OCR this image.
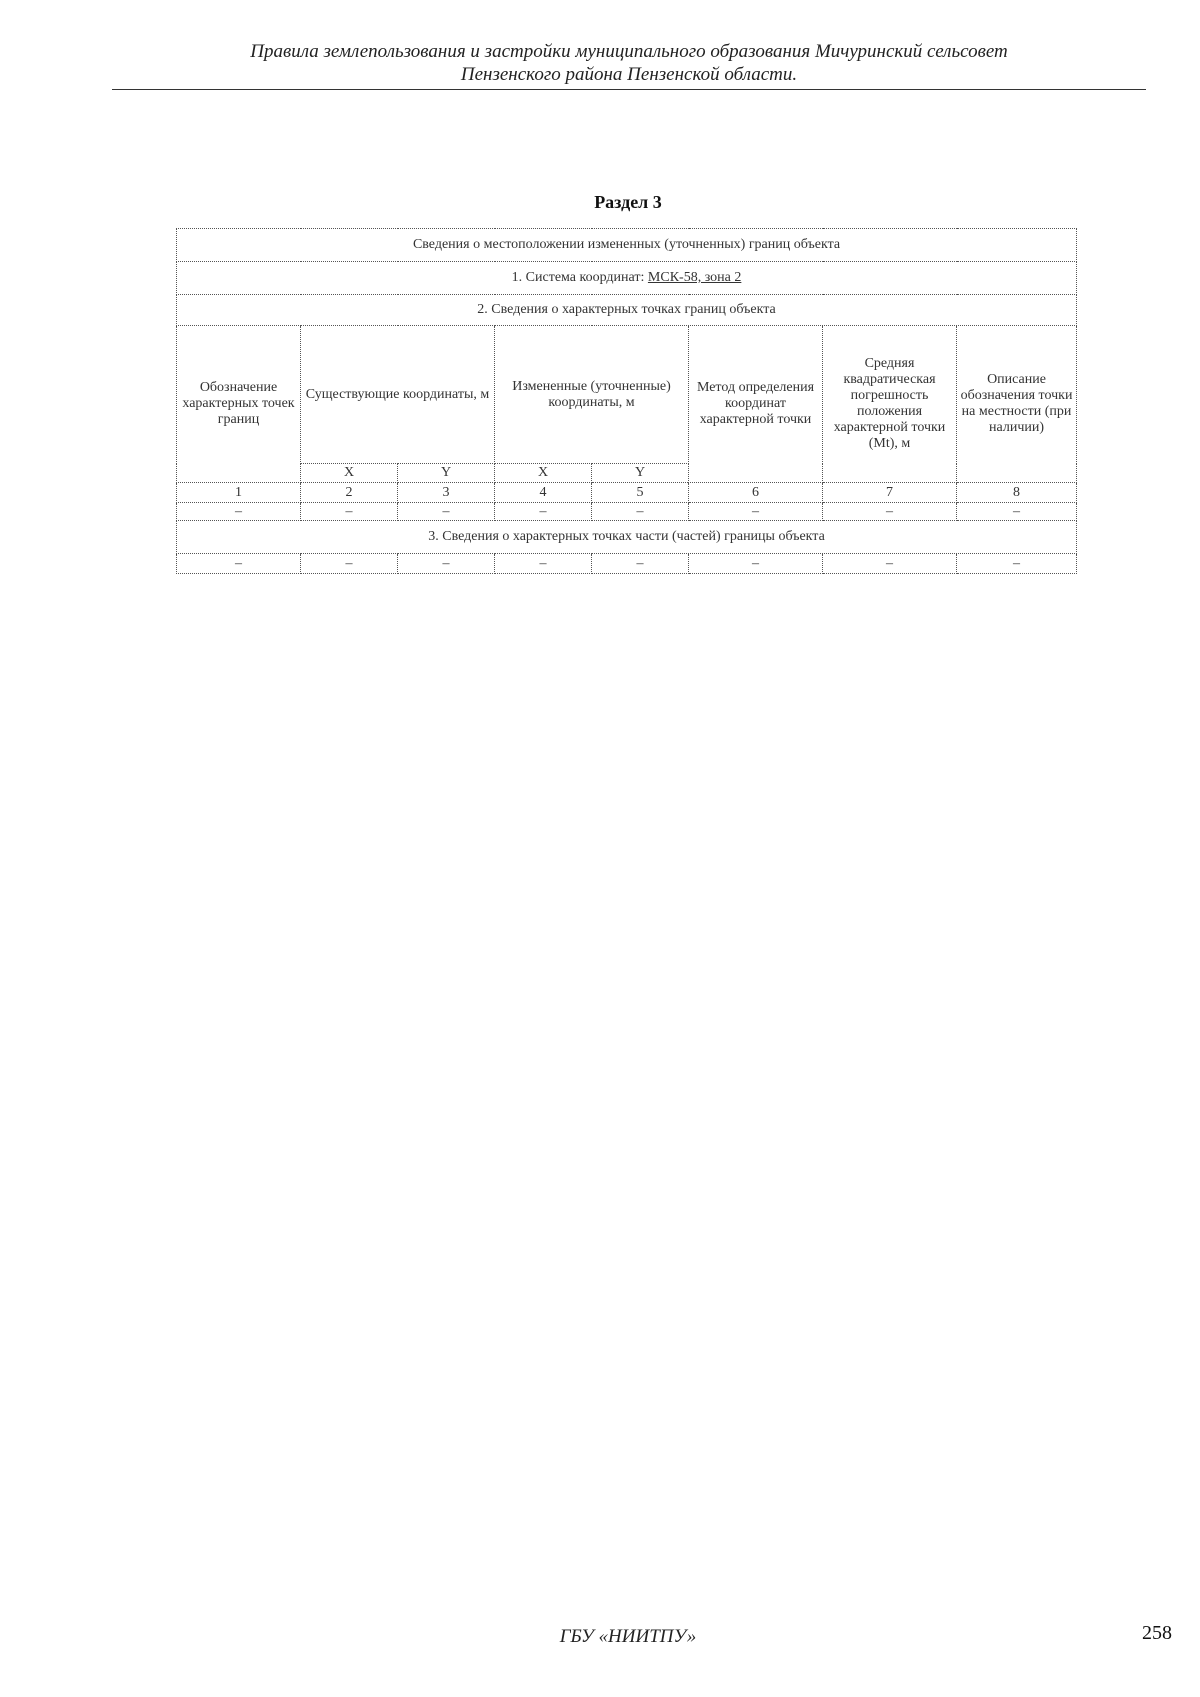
Правила землепользования и застройки муниципального образования Мичуринский сельсовет
Пензенского района Пензенской области.
Раздел 3
Сведения о местоположении измененных (уточненных) границ объекта							
1. Система координат: МСК-58, зона 2							
2. Сведения о характерных точках границ объекта							
Обозначение характерных точек границ	Существующие координаты, м		Измененные (уточненные) координаты, м		Метод определения координат характерной точки	Средняя квадратическая погрешность положения характерной точки (Mt), м	Описание обозначения точки на местности (при наличии)
	X	Y	X	Y			
1	2	3	4	5	6	7	8
–	–	–	–	–	–	–	–
3. Сведения о характерных точках части (частей) границы объекта							
–	–	–	–	–	–	–	–
ГБУ «НИИТПУ»	258
